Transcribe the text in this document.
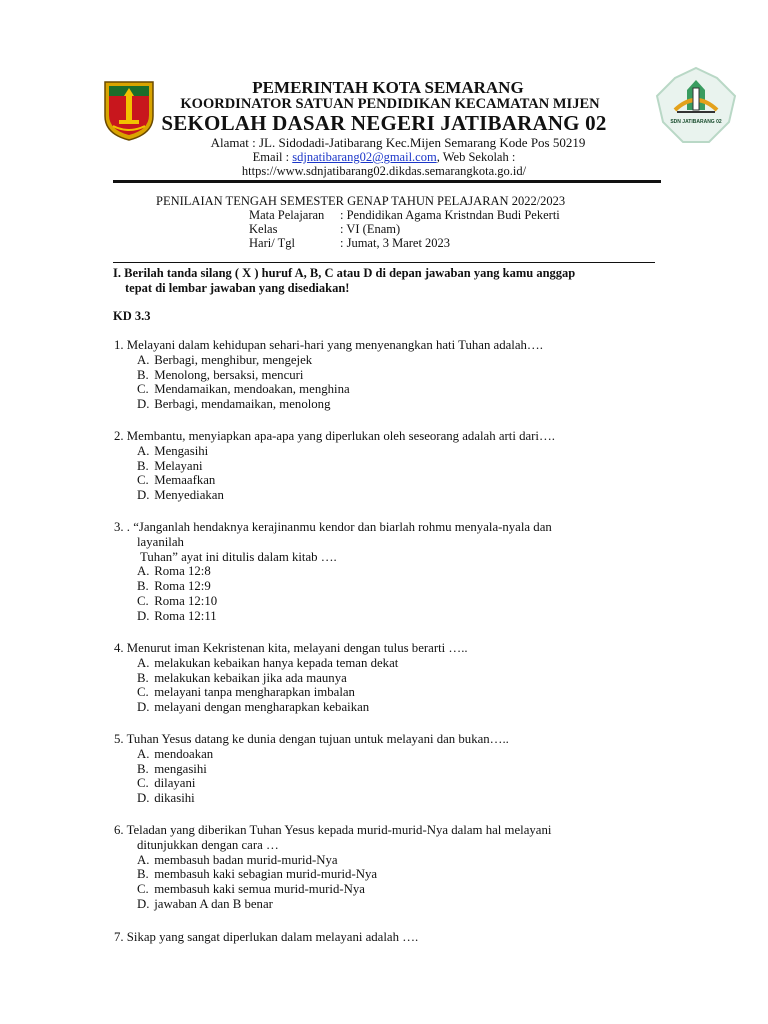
SDN JATIBARANG 02
PEMERINTAH KOTA SEMARANG
KOORDINATOR SATUAN PENDIDIKAN KECAMATAN MIJEN
SEKOLAH DASAR NEGERI JATIBARANG 02
Alamat : JL. Sidodadi-Jatibarang Kec.Mijen Semarang Kode Pos 50219
Email : sdjnatibarang02@gmail.com, Web Sekolah :
https://www.sdnjatibarang02.dikdas.semarangkota.go.id/
PENILAIAN TENGAH SEMESTER GENAP TAHUN PELAJARAN 2022/2023
Mata Pelajaran : Pendidikan Agama Kristndan Budi Pekerti
Kelas	: VI (Enam)
Hari/ Tgl	: Jumat, 3 Maret 2023
I. Berilah tanda silang ( X ) huruf A, B, C atau D di depan jawaban yang kamu anggap
tepat di lembar jawaban yang disediakan!
KD 3.3
1. Melayani dalam kehidupan sehari-hari yang menyenangkan hati Tuhan adalah….
A. Berbagi, menghibur, mengejek
B. Menolong, bersaksi, mencuri
C. Mendamaikan, mendoakan, menghina
D. Berbagi, mendamaikan, menolong
2. Membantu, menyiapkan apa-apa yang diperlukan oleh seseorang adalah arti dari….
A. Mengasihi
B. Melayani
C. Memaafkan
D. Menyediakan
3. . “Janganlah hendaknya kerajinanmu kendor dan biarlah rohmu menyala-nyala dan
layanilah
Tuhan” ayat ini ditulis dalam kitab ….
A. Roma 12:8
B. Roma 12:9
C. Roma 12:10
D. Roma 12:11
4. Menurut iman Kekristenan kita, melayani dengan tulus berarti …..
A. melakukan kebaikan hanya kepada teman dekat
B. melakukan kebaikan jika ada maunya
C. melayani tanpa mengharapkan imbalan
D. melayani dengan mengharapkan kebaikan
5. Tuhan Yesus datang ke dunia dengan tujuan untuk melayani dan bukan…..
A. mendoakan
B. mengasihi
C. dilayani
D. dikasihi
6. Teladan yang diberikan Tuhan Yesus kepada murid-murid-Nya dalam hal melayani
ditunjukkan dengan cara …
A. membasuh badan murid-murid-Nya
B. membasuh kaki sebagian murid-murid-Nya
C. membasuh kaki semua murid-murid-Nya
D. jawaban A dan B benar
7. Sikap yang sangat diperlukan dalam melayani adalah ….
